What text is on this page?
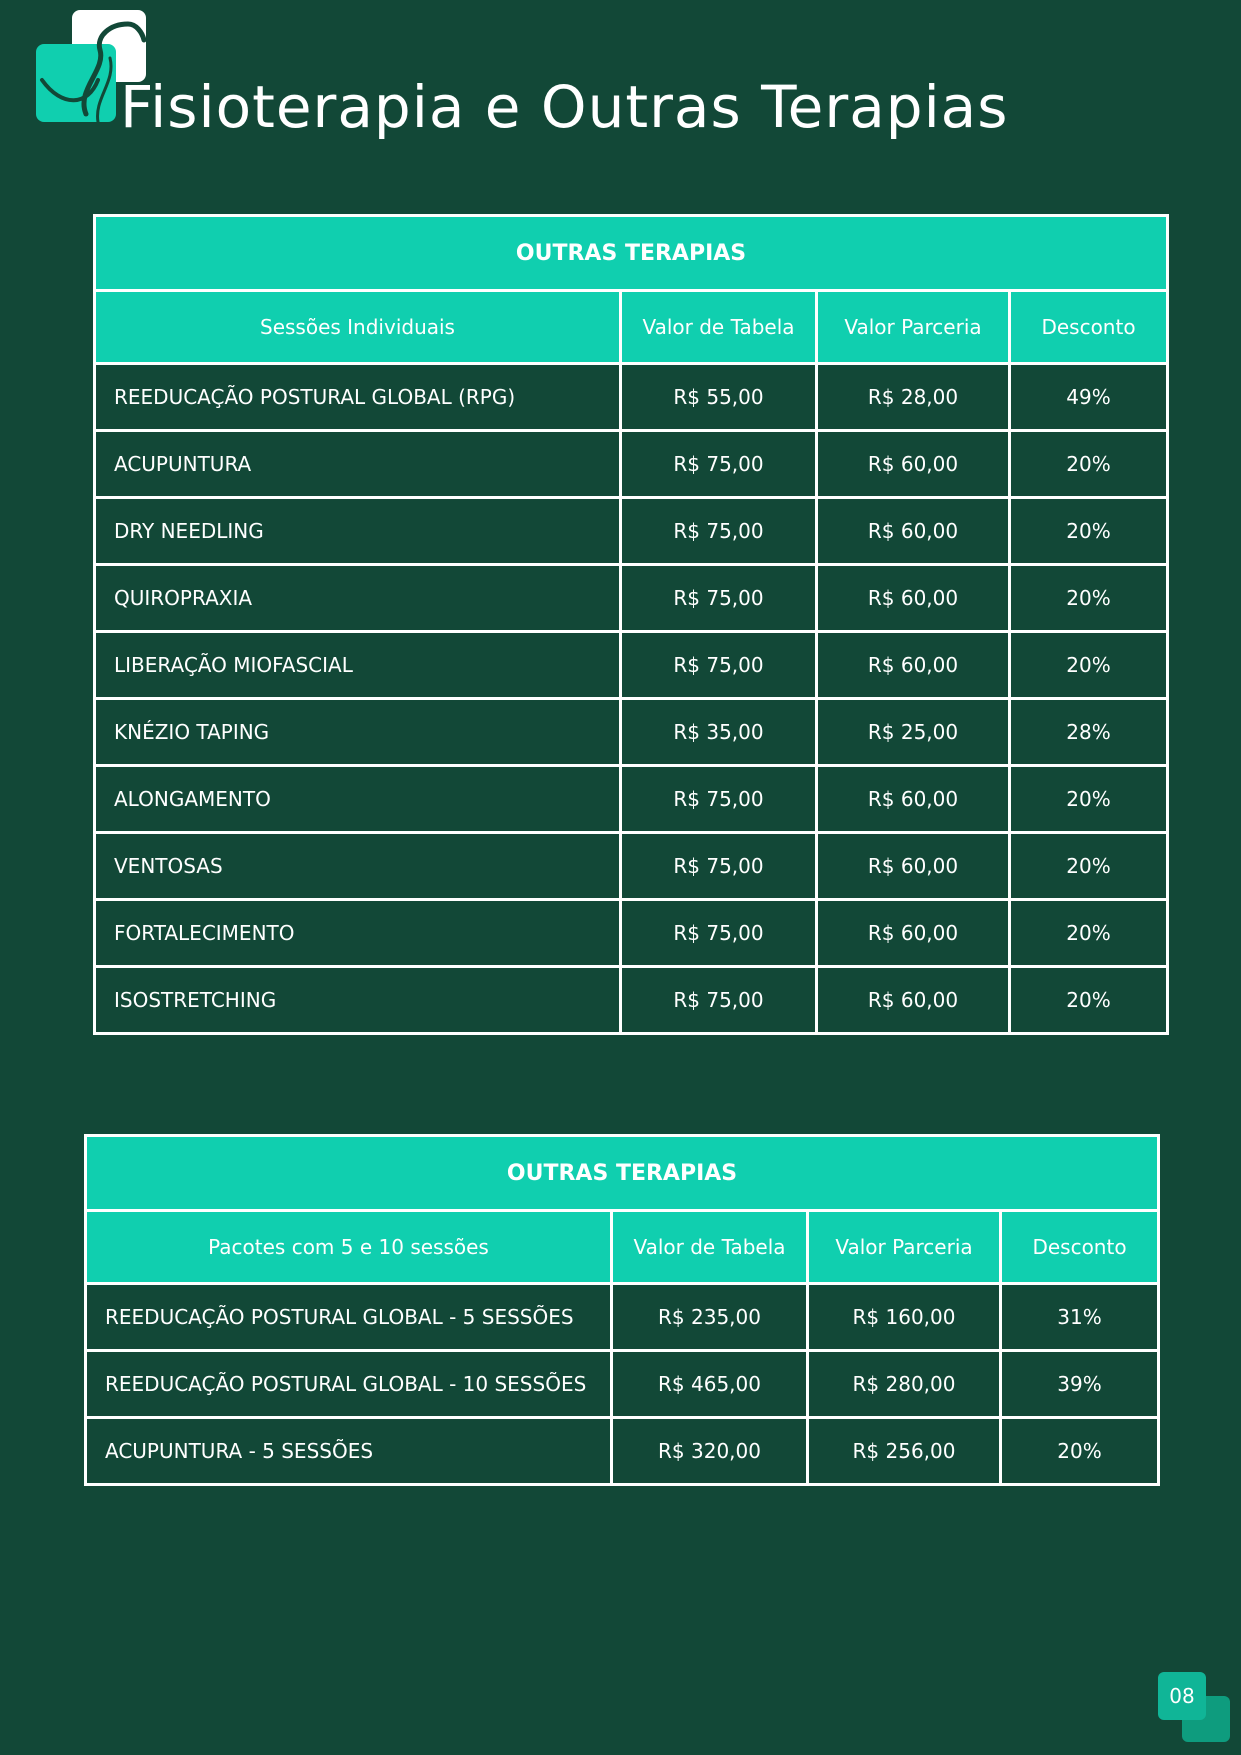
Fisioterapia e Outras Terapias
OUTRAS TERAPIAS			
Sessões Individuais	Valor de Tabela	Valor Parceria	Desconto
REEDUCAÇÃO POSTURAL GLOBAL (RPG)	R$ 55,00	R$ 28,00	49%
ACUPUNTURA	R$ 75,00	R$ 60,00	20%
DRY NEEDLING	R$ 75,00	R$ 60,00	20%
QUIROPRAXIA	R$ 75,00	R$ 60,00	20%
LIBERAÇÃO MIOFASCIAL	R$ 75,00	R$ 60,00	20%
KNÉZIO TAPING	R$ 35,00	R$ 25,00	28%
ALONGAMENTO	R$ 75,00	R$ 60,00	20%
VENTOSAS	R$ 75,00	R$ 60,00	20%
FORTALECIMENTO	R$ 75,00	R$ 60,00	20%
ISOSTRETCHING	R$ 75,00	R$ 60,00	20%
OUTRAS TERAPIAS			
Pacotes com 5 e 10 sessões	Valor de Tabela	Valor Parceria	Desconto
REEDUCAÇÃO POSTURAL GLOBAL - 5 SESSÕES	R$ 235,00	R$ 160,00	31%
REEDUCAÇÃO POSTURAL GLOBAL - 10 SESSÕES	R$ 465,00	R$ 280,00	39%
ACUPUNTURA - 5 SESSÕES	R$ 320,00	R$ 256,00	20%
08
